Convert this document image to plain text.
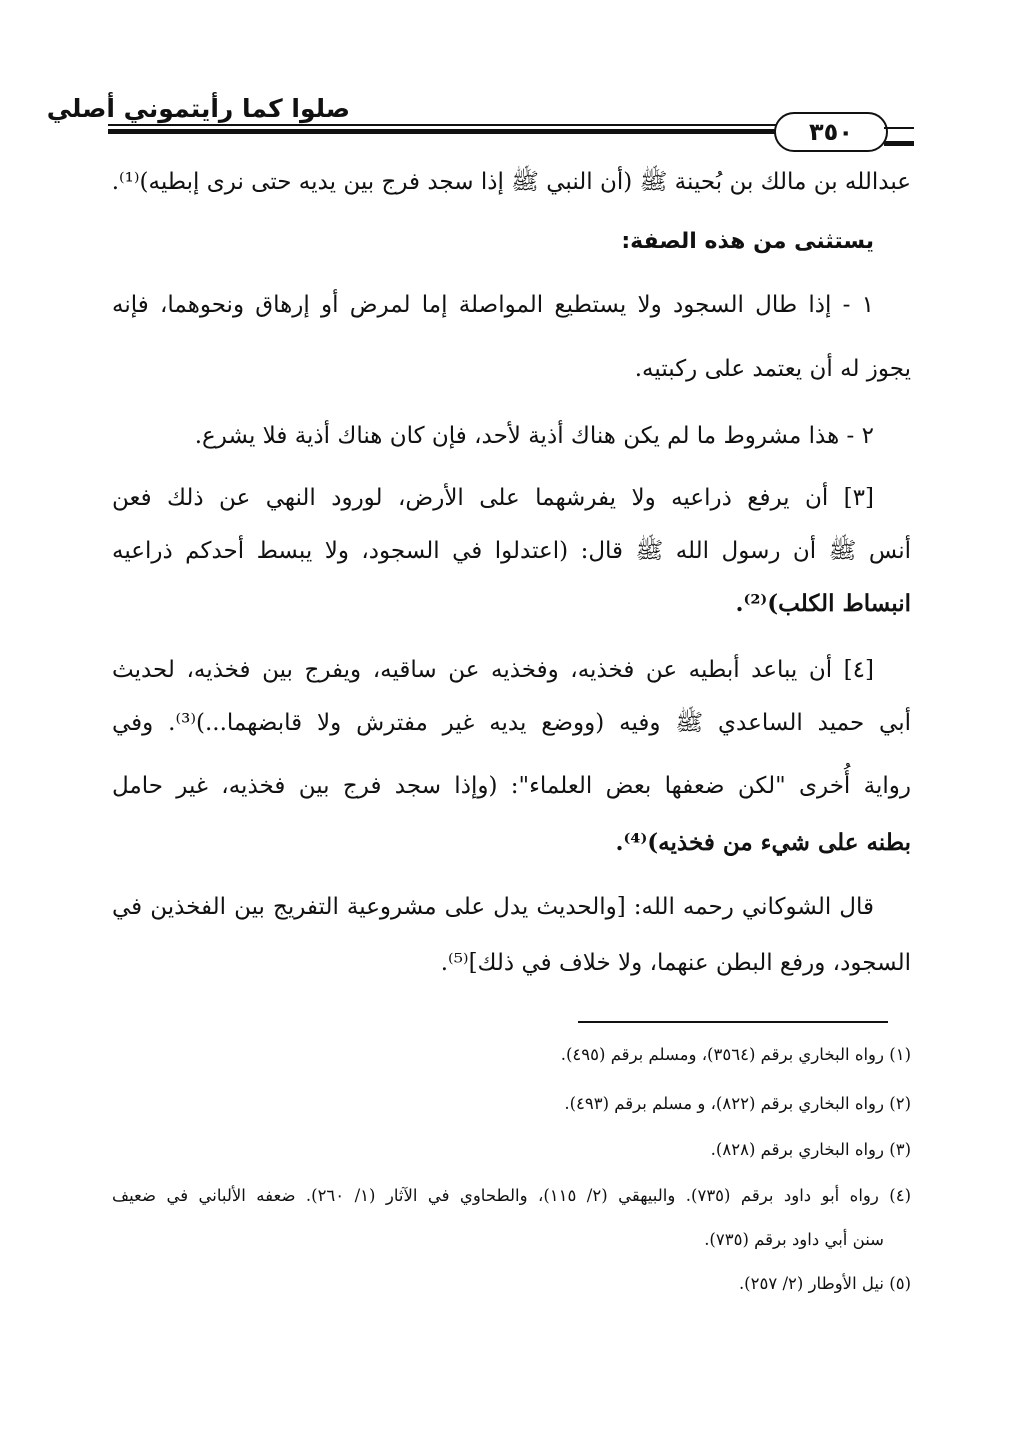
صلوا كما رأيتموني أصلي
٣٥٠
عبدالله بن مالك بن بُحينة ﷺ (أن النبي ﷺ إذا سجد فرج بين يديه حتى نرى إبطيه)⁽¹⁾.
يستثنى من هذه الصفة:
١ - إذا طال السجود ولا يستطيع المواصلة إما لمرض أو إرهاق ونحوهما، فإنه
يجوز له أن يعتمد على ركبتيه.
٢ - هذا مشروط ما لم يكن هناك أذية لأحد، فإن كان هناك أذية فلا يشرع.
[٣] أن يرفع ذراعيه ولا يفرشهما على الأرض، لورود النهي عن ذلك فعن
أنس ﷺ أن رسول الله ﷺ قال: (اعتدلوا في السجود، ولا يبسط أحدكم ذراعيه
انبساط الكلب)⁽²⁾.
[٤] أن يباعد أبطيه عن فخذيه، وفخذيه عن ساقيه، ويفرج بين فخذيه، لحديث
أبي حميد الساعدي ﷺ وفيه (ووضع يديه غير مفترش ولا قابضهما...)⁽³⁾. وفي
رواية أُخرى "لكن ضعفها بعض العلماء": (وإذا سجد فرج بين فخذيه، غير حامل
بطنه على شيء من فخذيه)⁽⁴⁾.
قال الشوكاني رحمه الله: [والحديث يدل على مشروعية التفريج بين الفخذين في
السجود، ورفع البطن عنهما، ولا خلاف في ذلك]⁽⁵⁾.
(١) رواه البخاري برقم (٣٥٦٤)، ومسلم برقم (٤٩٥).
(٢) رواه البخاري برقم (٨٢٢)، و مسلم برقم (٤٩٣).
(٣) رواه البخاري برقم (٨٢٨).
(٤) رواه أبو داود برقم (٧٣٥). والبيهقي (٢/ ١١٥)، والطحاوي في الآثار (١/ ٢٦٠). ضعفه الألباني في ضعيف
سنن أبي داود برقم (٧٣٥).
(٥) نيل الأوطار (٢/ ٢٥٧).
